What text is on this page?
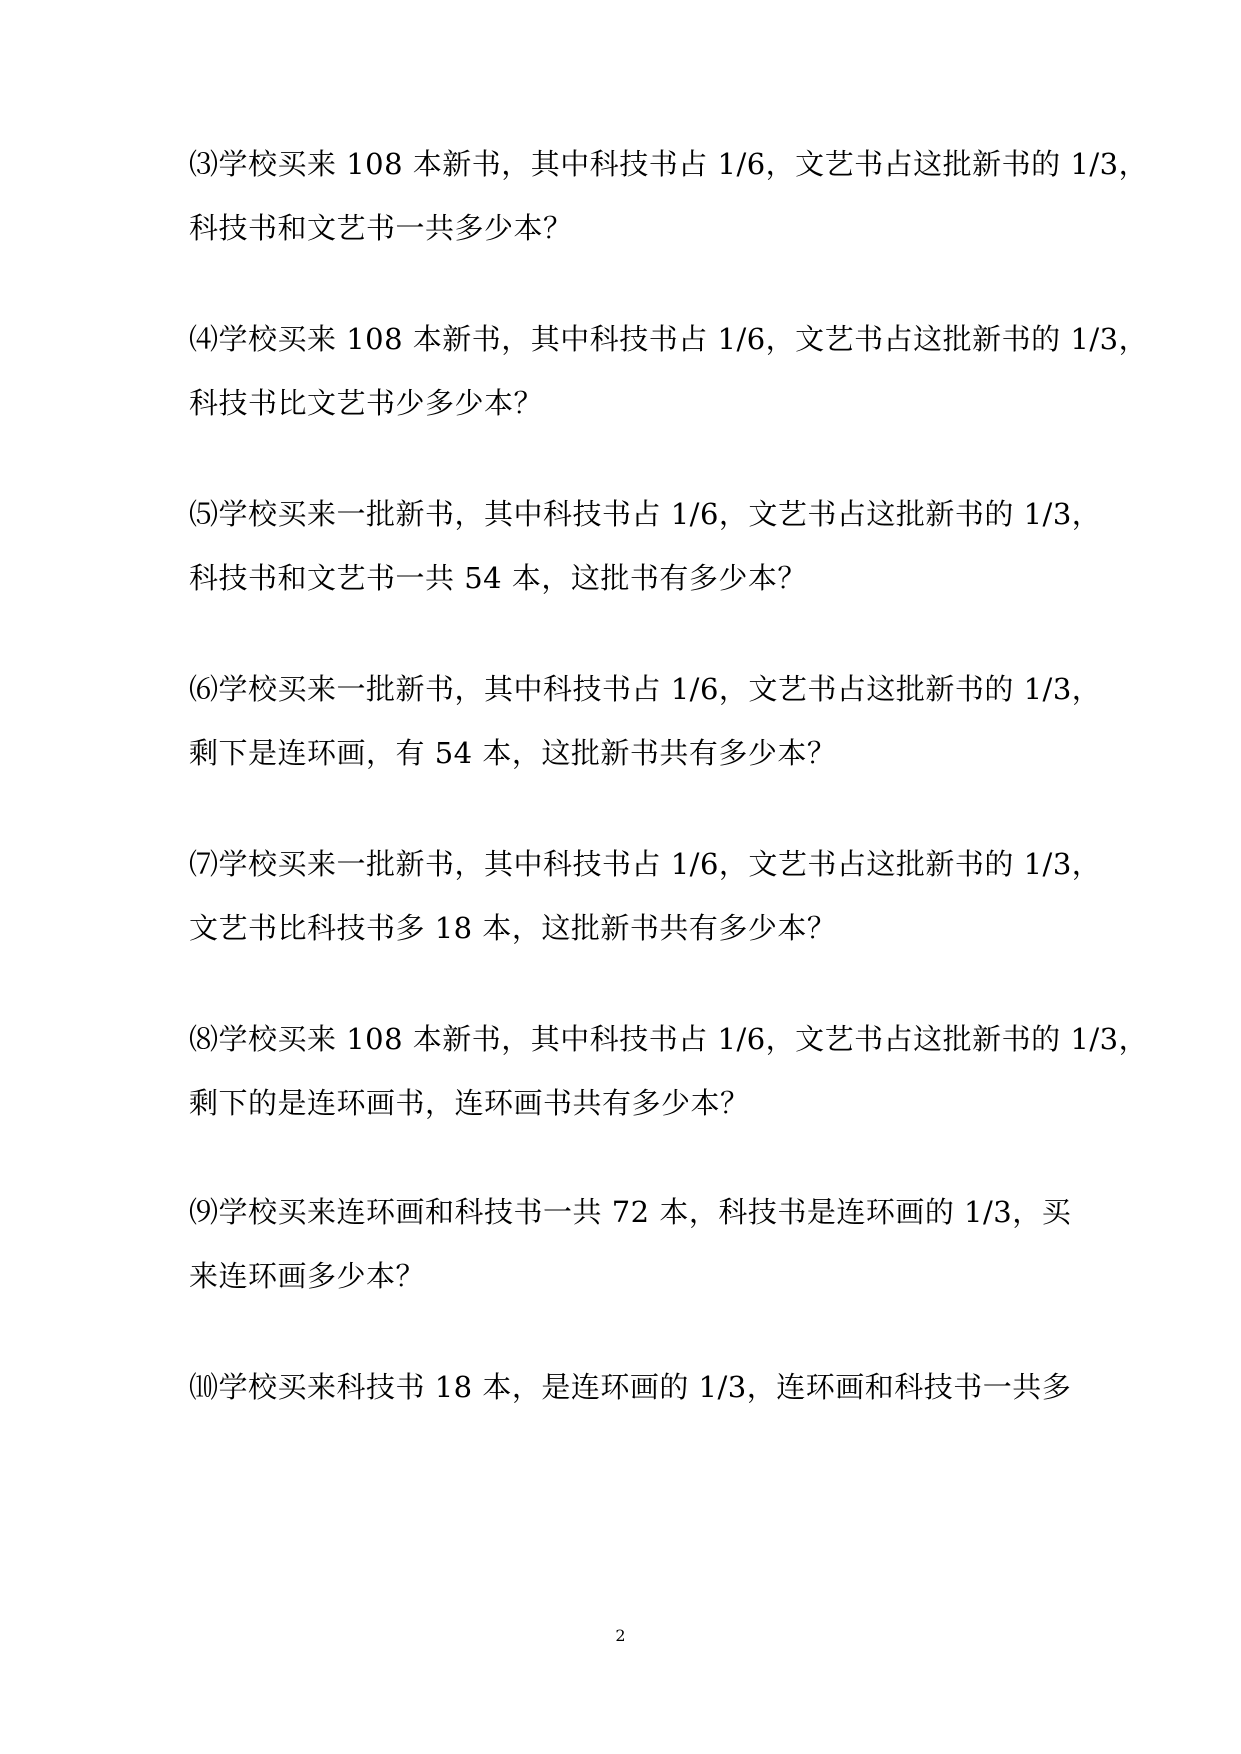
⑶学校买来 108 本新书，其中科技书占 1/6，文艺书占这批新书的 1/3，
科技书和文艺书一共多少本？
⑷学校买来 108 本新书，其中科技书占 1/6，文艺书占这批新书的 1/3，
科技书比文艺书少多少本？
⑸学校买来一批新书，其中科技书占 1/6，文艺书占这批新书的 1/3，
科技书和文艺书一共 54 本，这批书有多少本？
⑹学校买来一批新书，其中科技书占 1/6，文艺书占这批新书的 1/3，
剩下是连环画，有 54 本，这批新书共有多少本？
⑺学校买来一批新书，其中科技书占 1/6，文艺书占这批新书的 1/3，
文艺书比科技书多 18 本，这批新书共有多少本？
⑻学校买来 108 本新书，其中科技书占 1/6，文艺书占这批新书的 1/3，
剩下的是连环画书，连环画书共有多少本？
⑼学校买来连环画和科技书一共 72 本，科技书是连环画的 1/3，买
来连环画多少本？
⑽学校买来科技书 18 本，是连环画的 1/3，连环画和科技书一共多
2
